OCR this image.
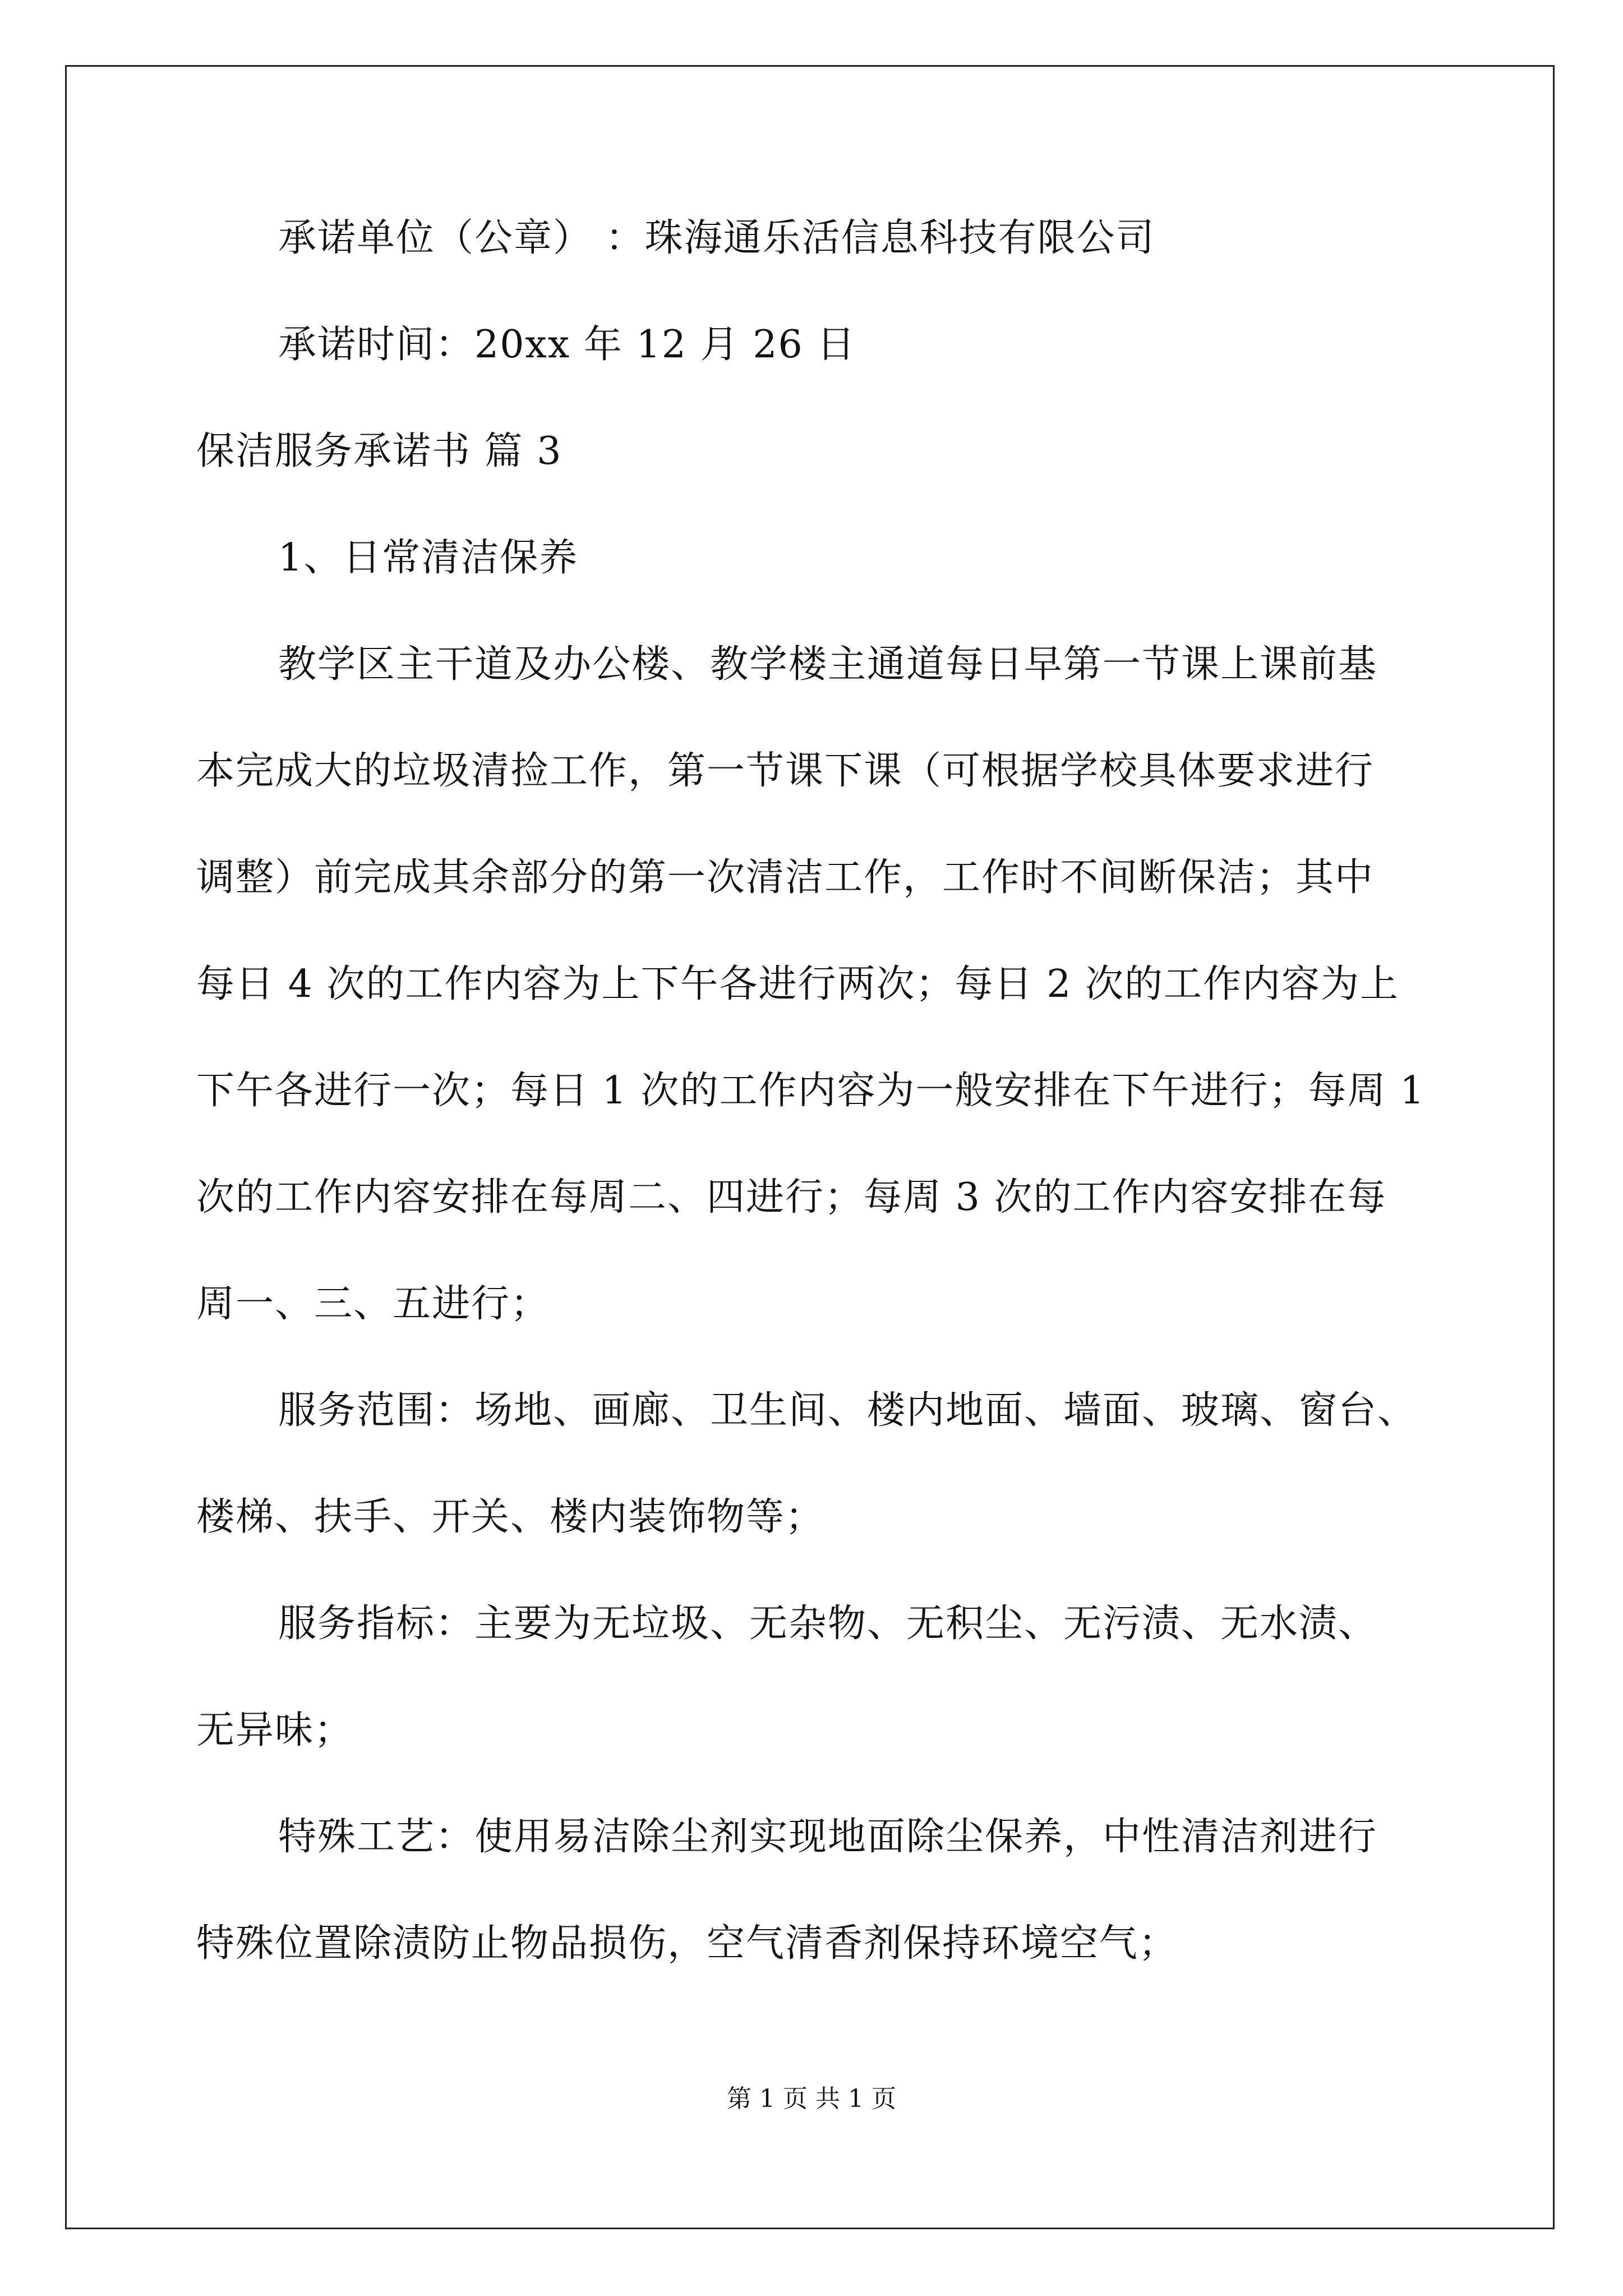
承诺单位（公章） ：珠海通乐活信息科技有限公司
承诺时间：20xx 年 12 月 26 日
保洁服务承诺书 篇 3
1、日常清洁保养
教学区主干道及办公楼、教学楼主通道每日早第一节课上课前基
本完成大的垃圾清捡工作，第一节课下课（可根据学校具体要求进行
调整）前完成其余部分的第一次清洁工作，工作时不间断保洁；其中
每日 4 次的工作内容为上下午各进行两次；每日 2 次的工作内容为上
下午各进行一次；每日 1 次的工作内容为一般安排在下午进行；每周 1
次的工作内容安排在每周二、四进行；每周 3 次的工作内容安排在每
周一、三、五进行；
服务范围：场地、画廊、卫生间、楼内地面、墙面、玻璃、窗台、
楼梯、扶手、开关、楼内装饰物等；
服务指标：主要为无垃圾、无杂物、无积尘、无污渍、无水渍、
无异味；
特殊工艺：使用易洁除尘剂实现地面除尘保养，中性清洁剂进行
特殊位置除渍防止物品损伤，空气清香剂保持环境空气；
第 1 页 共 1 页
